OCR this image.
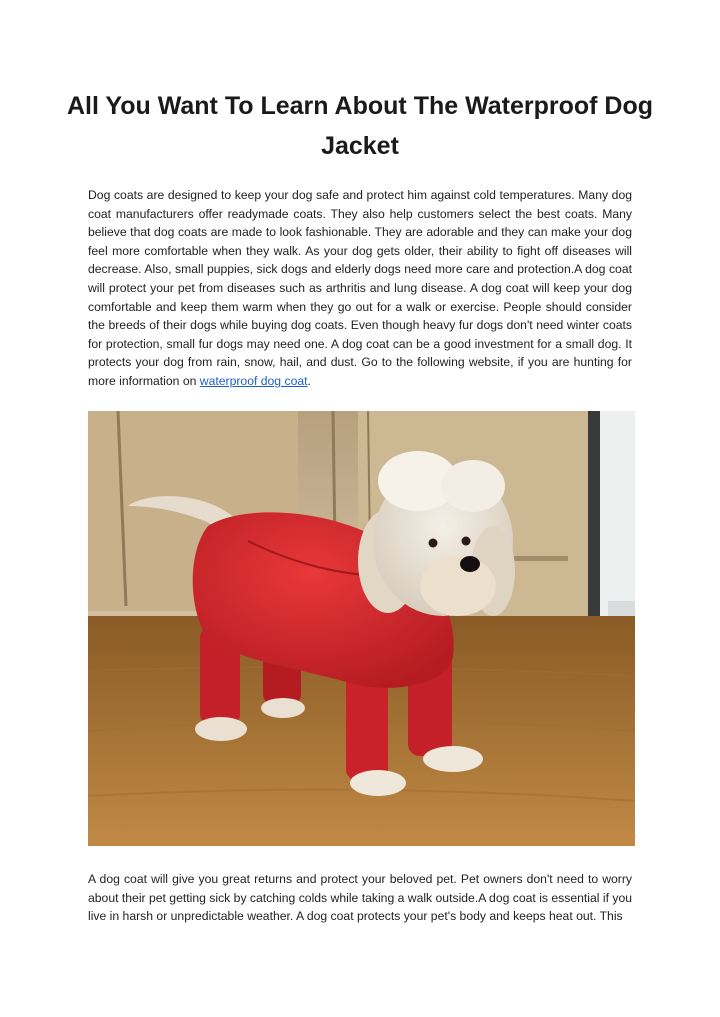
All You Want To Learn About The Waterproof Dog Jacket

Dog coats are designed to keep your dog safe and protect him against cold temperatures. Many dog coat manufacturers offer readymade coats. They also help customers select the best coats. Many believe that dog coats are made to look fashionable. They are adorable and they can make your dog feel more comfortable when they walk. As your dog gets older, their ability to fight off diseases will decrease. Also, small puppies, sick dogs and elderly dogs need more care and protection.A dog coat will protect your pet from diseases such as arthritis and lung disease. A dog coat will keep your dog comfortable and keep them warm when they go out for a walk or exercise. People should consider the breeds of their dogs while buying dog coats. Even though heavy fur dogs don't need winter coats for protection, small fur dogs may need one. A dog coat can be a good investment for a small dog. It protects your dog from rain, snow, hail, and dust. Go to the following website, if you are hunting for more information on waterproof dog coat.

A dog coat will give you great returns and protect your beloved pet. Pet owners don't need to worry about their pet getting sick by catching colds while taking a walk outside.A dog coat is essential if you live in harsh or unpredictable weather. A dog coat protects your pet's body and keeps heat out. This
